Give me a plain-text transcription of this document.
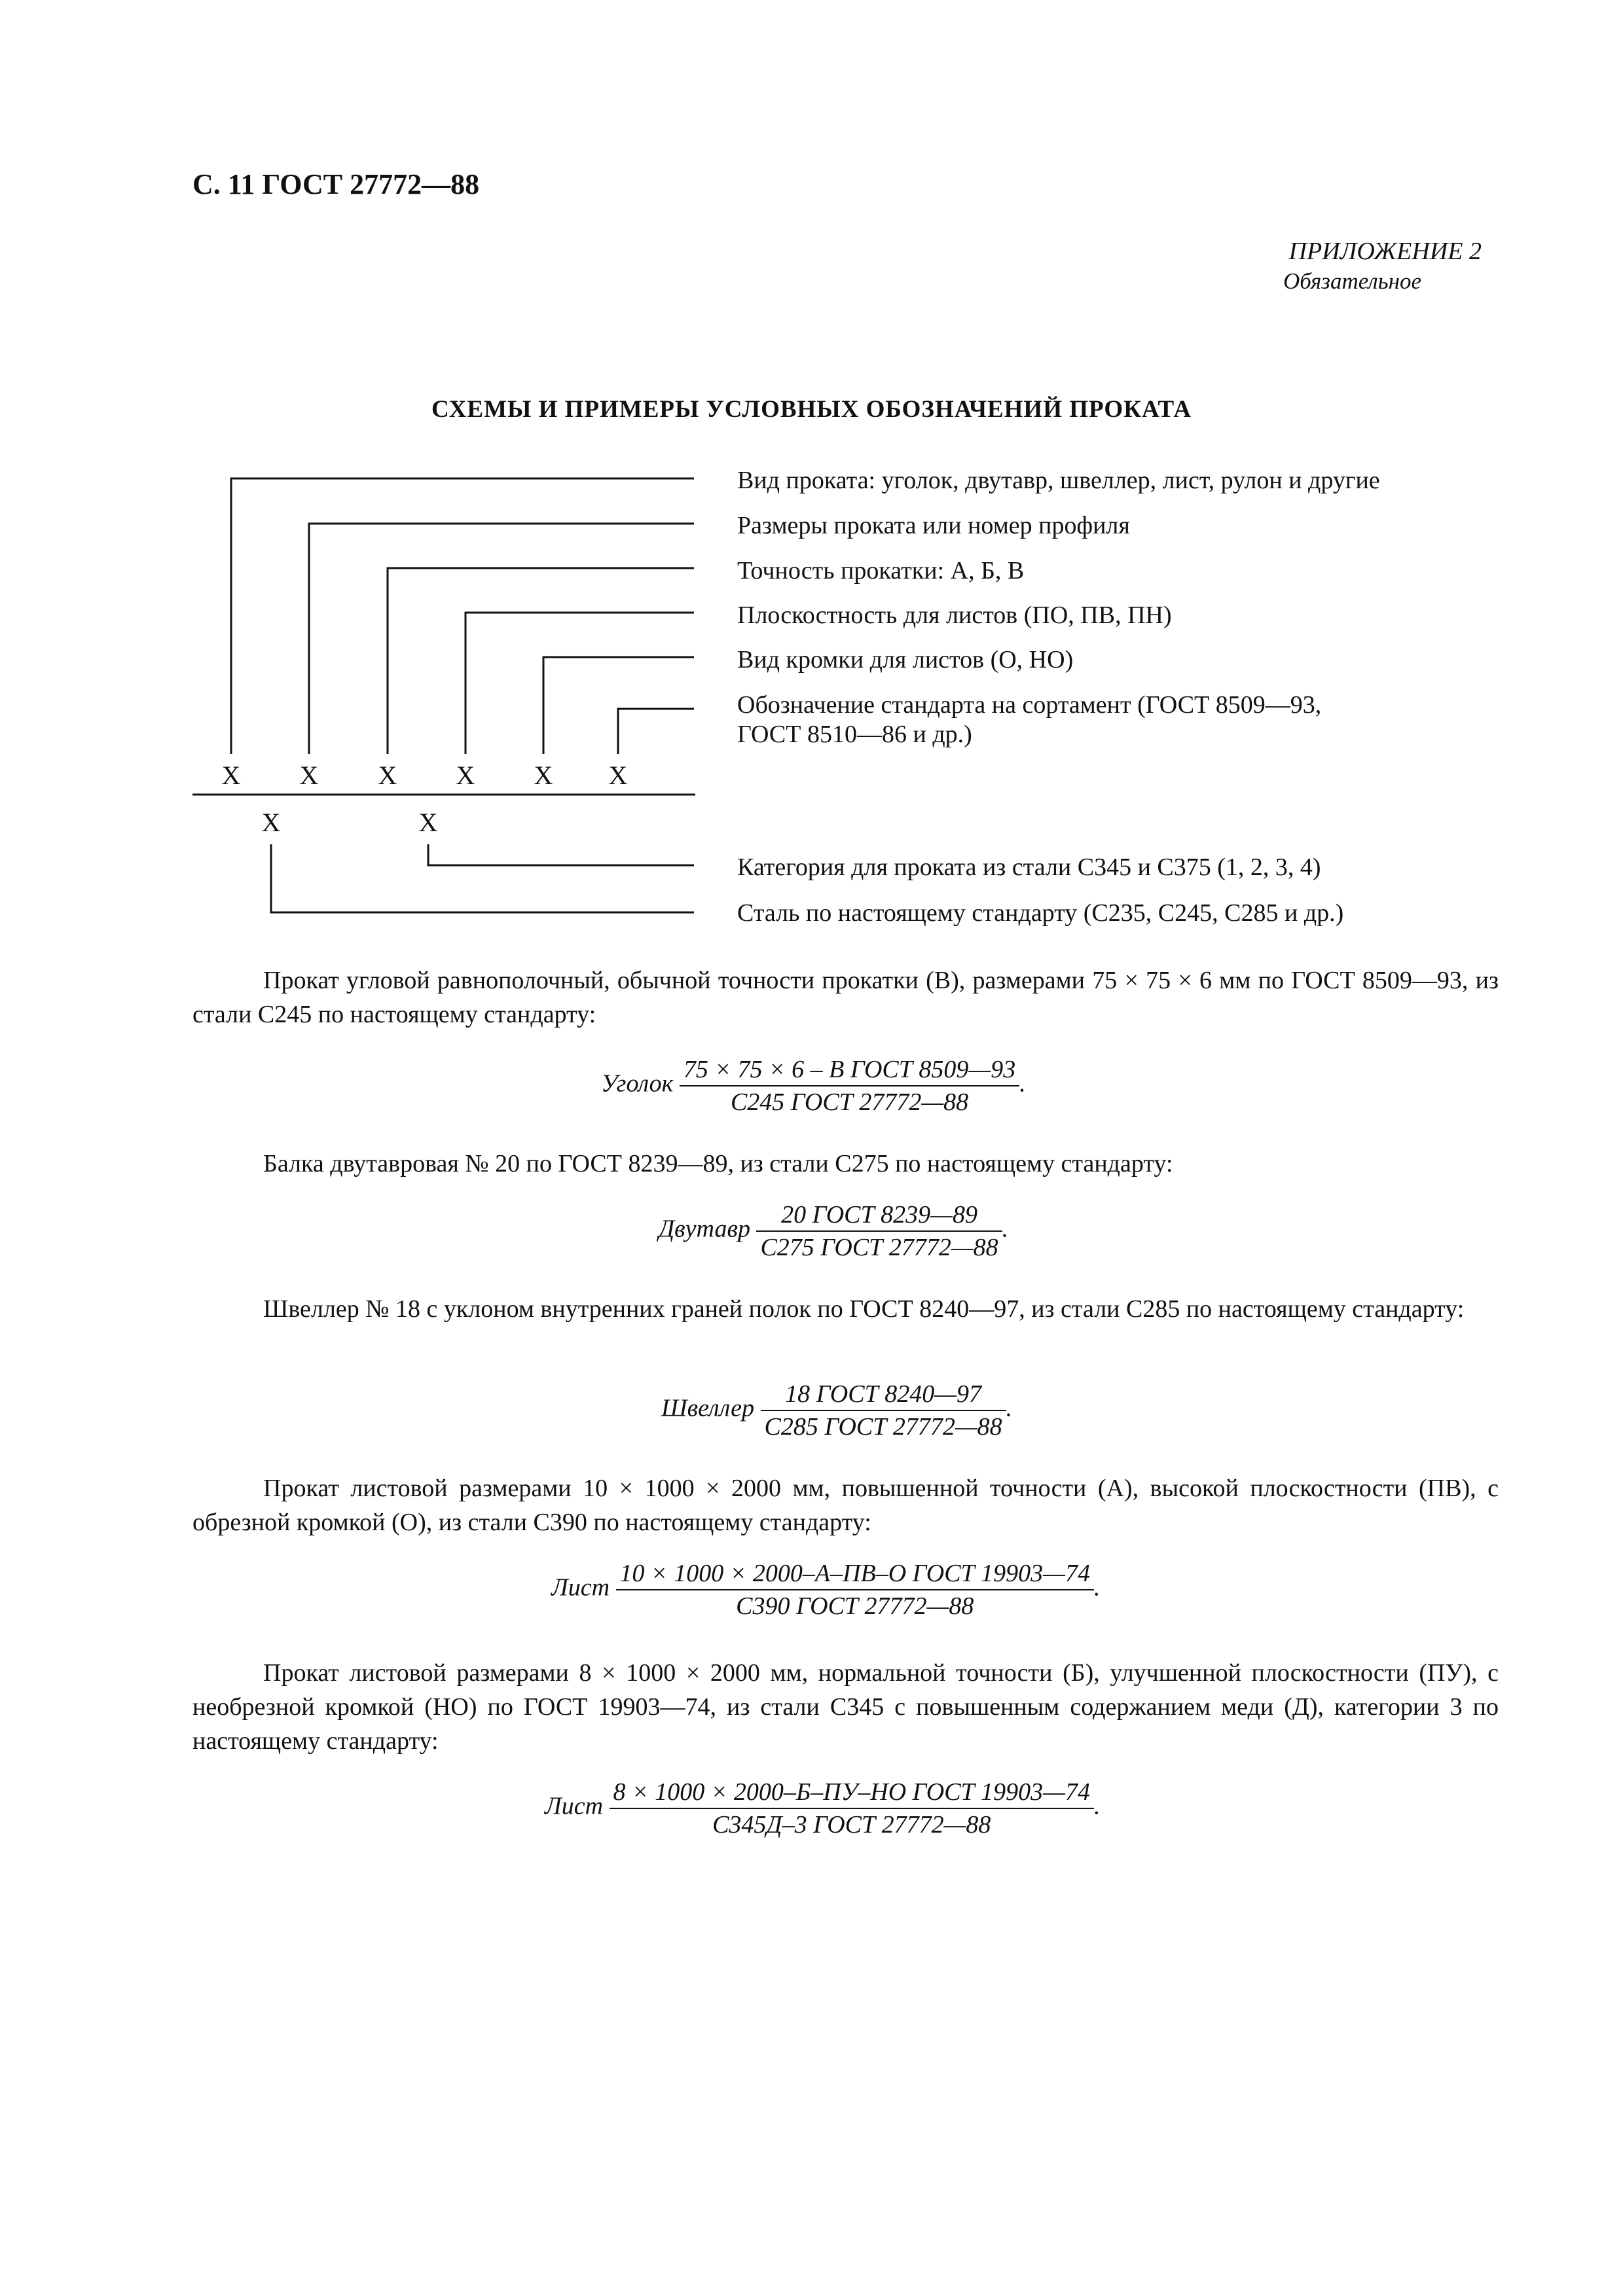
С. 11 ГОСТ 27772—88
ПРИЛОЖЕНИЕ 2
Обязательное
СХЕМЫ И ПРИМЕРЫ УСЛОВНЫХ ОБОЗНАЧЕНИЙ ПРОКАТА
X X X X X X
X	X
Вид проката: уголок, двутавр, швеллер, лист, рулон и другие
Размеры проката или номер профиля
Точность прокатки: А, Б, В
Плоскостность для листов (ПО, ПВ, ПН)
Вид кромки для листов (О, НО)
Обозначение стандарта на сортамент (ГОСТ 8509—93,
ГОСТ 8510—86 и др.)
Категория для проката из стали С345 и С375 (1, 2, 3, 4)
Сталь по настоящему стандарту (С235, С245, С285 и др.)
Прокат угловой равнополочный, обычной точности прокатки (В), размерами 75 × 75 × 6 мм по ГОСТ 8509—93, из стали С245 по настоящему стандарту:
Уголок $\frac{\text{75 × 75 × 6 – В ГОСТ 8509—93}}{\text{С245 ГОСТ 27772—88}}$ .
Балка двутавровая № 20 по ГОСТ 8239—89, из стали С275 по настоящему стандарту:
Двутавр $\frac{\text{20 ГОСТ 8239—89}}{\text{С275 ГОСТ 27772—88}}$ .
Швеллер № 18 с уклоном внутренних граней полок по ГОСТ 8240—97, из стали С285 по настоящему стандарту:
Швеллер $\frac{\text{18 ГОСТ 8240—97}}{\text{С285 ГОСТ 27772—88}}$ .
Прокат листовой размерами 10 × 1000 × 2000 мм, повышенной точности (А), высокой плоскостности (ПВ), с обрезной кромкой (О), из стали С390 по настоящему стандарту:
Лист $\frac{\text{10 × 1000 × 2000–А–ПВ–О ГОСТ 19903—74}}{\text{С390 ГОСТ 27772—88}}$ .
Прокат листовой размерами 8 × 1000 × 2000 мм, нормальной точности (Б), улучшенной плоскостности (ПУ), с необрезной кромкой (НО) по ГОСТ 19903—74, из стали С345 с повышенным содержанием меди (Д), категории 3 по настоящему стандарту:
Лист $\frac{\text{8 × 1000 × 2000–Б–ПУ–НО ГОСТ 19903—74}}{\text{С345Д–3 ГОСТ 27772—88}}$ .
